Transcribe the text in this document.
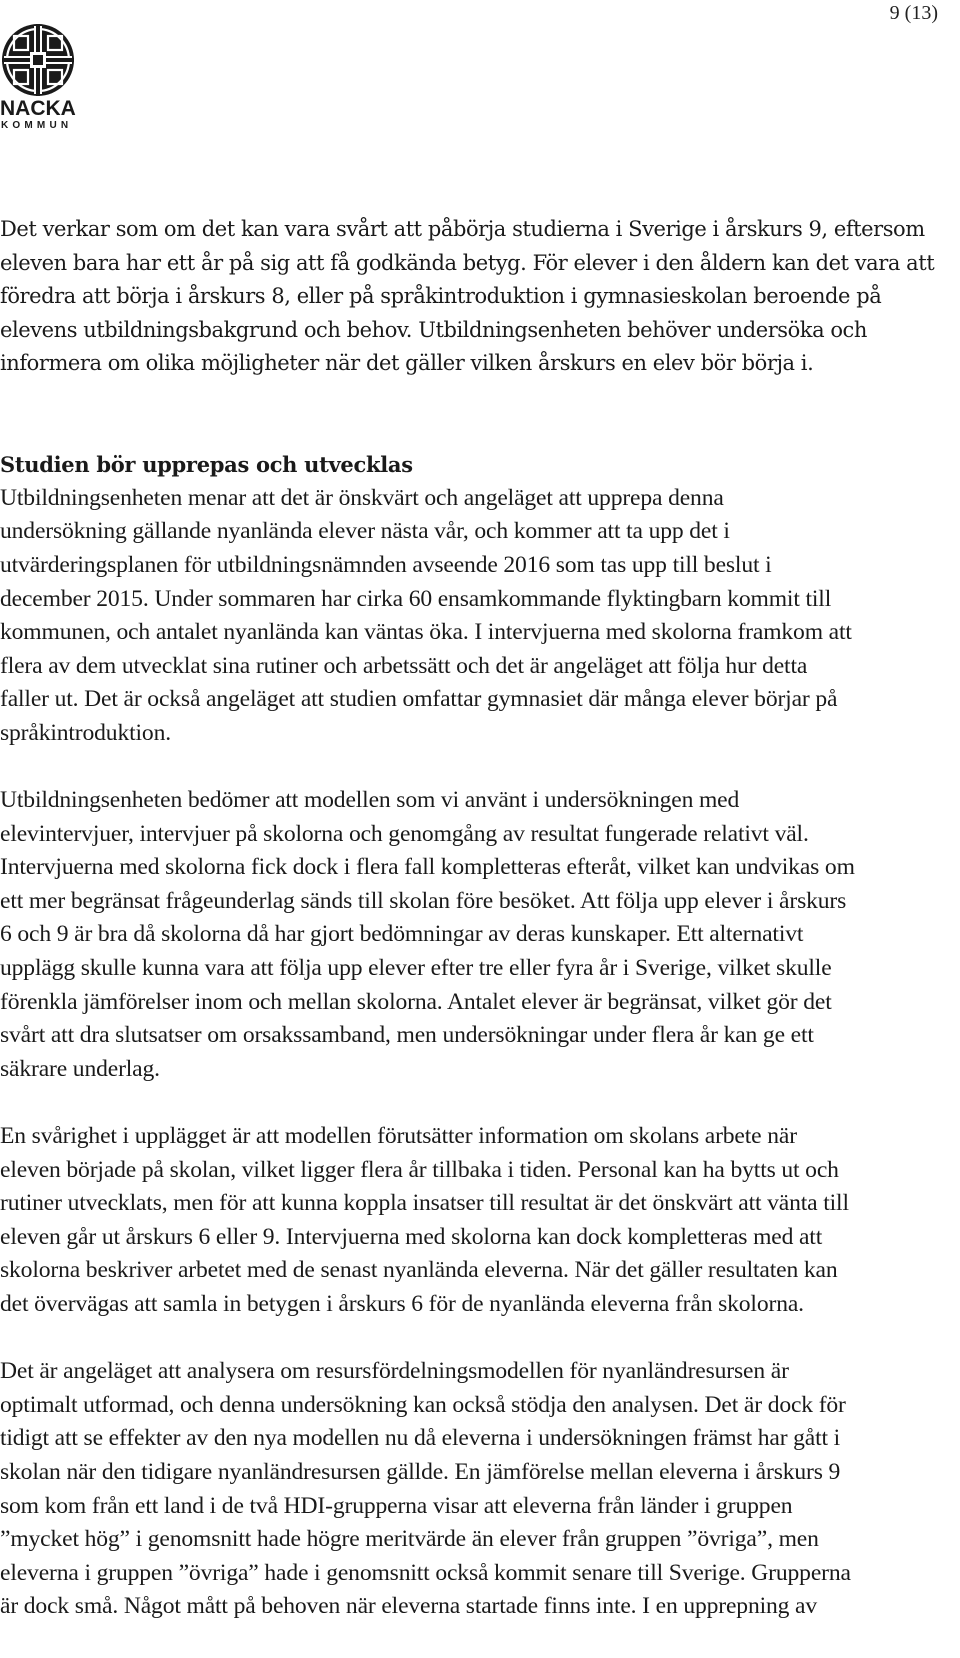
9 (13)
NACKA
KOMMUN
Det verkar som om det kan vara svårt att påbörja studierna i Sverige i årskurs 9, eftersom
eleven bara har ett år på sig att få godkända betyg. För elever i den åldern kan det vara att
föredra att börja i årskurs 8, eller på språkintroduktion i gymnasieskolan beroende på
elevens utbildningsbakgrund och behov. Utbildningsenheten behöver undersöka och
informera om olika möjligheter när det gäller vilken årskurs en elev bör börja i.
Studien bör upprepas och utvecklas
Utbildningsenheten menar att det är önskvärt och angeläget att upprepa denna
undersökning gällande nyanlända elever nästa vår, och kommer att ta upp det i
utvärderingsplanen för utbildningsnämnden avseende 2016 som tas upp till beslut i
december 2015. Under sommaren har cirka 60 ensamkommande flyktingbarn kommit till
kommunen, och antalet nyanlända kan väntas öka. I intervjuerna med skolorna framkom att
flera av dem utvecklat sina rutiner och arbetssätt och det är angeläget att följa hur detta
faller ut. Det är också angeläget att studien omfattar gymnasiet där många elever börjar på
språkintroduktion.
Utbildningsenheten bedömer att modellen som vi använt i undersökningen med
elevintervjuer, intervjuer på skolorna och genomgång av resultat fungerade relativt väl.
Intervjuerna med skolorna fick dock i flera fall kompletteras efteråt, vilket kan undvikas om
ett mer begränsat frågeunderlag sänds till skolan före besöket. Att följa upp elever i årskurs
6 och 9 är bra då skolorna då har gjort bedömningar av deras kunskaper. Ett alternativt
upplägg skulle kunna vara att följa upp elever efter tre eller fyra år i Sverige, vilket skulle
förenkla jämförelser inom och mellan skolorna. Antalet elever är begränsat, vilket gör det
svårt att dra slutsatser om orsakssamband, men undersökningar under flera år kan ge ett
säkrare underlag.
En svårighet i upplägget är att modellen förutsätter information om skolans arbete när
eleven började på skolan, vilket ligger flera år tillbaka i tiden. Personal kan ha bytts ut och
rutiner utvecklats, men för att kunna koppla insatser till resultat är det önskvärt att vänta till
eleven går ut årskurs 6 eller 9. Intervjuerna med skolorna kan dock kompletteras med att
skolorna beskriver arbetet med de senast nyanlända eleverna. När det gäller resultaten kan
det övervägas att samla in betygen i årskurs 6 för de nyanlända eleverna från skolorna.
Det är angeläget att analysera om resursfördelningsmodellen för nyanländresursen är
optimalt utformad, och denna undersökning kan också stödja den analysen. Det är dock för
tidigt att se effekter av den nya modellen nu då eleverna i undersökningen främst har gått i
skolan när den tidigare nyanländresursen gällde. En jämförelse mellan eleverna i årskurs 9
som kom från ett land i de två HDI-grupperna visar att eleverna från länder i gruppen
”mycket hög” i genomsnitt hade högre meritvärde än elever från gruppen ”övriga”, men
eleverna i gruppen ”övriga” hade i genomsnitt också kommit senare till Sverige. Grupperna
är dock små. Något mått på behoven när eleverna startade finns inte. I en upprepning av
